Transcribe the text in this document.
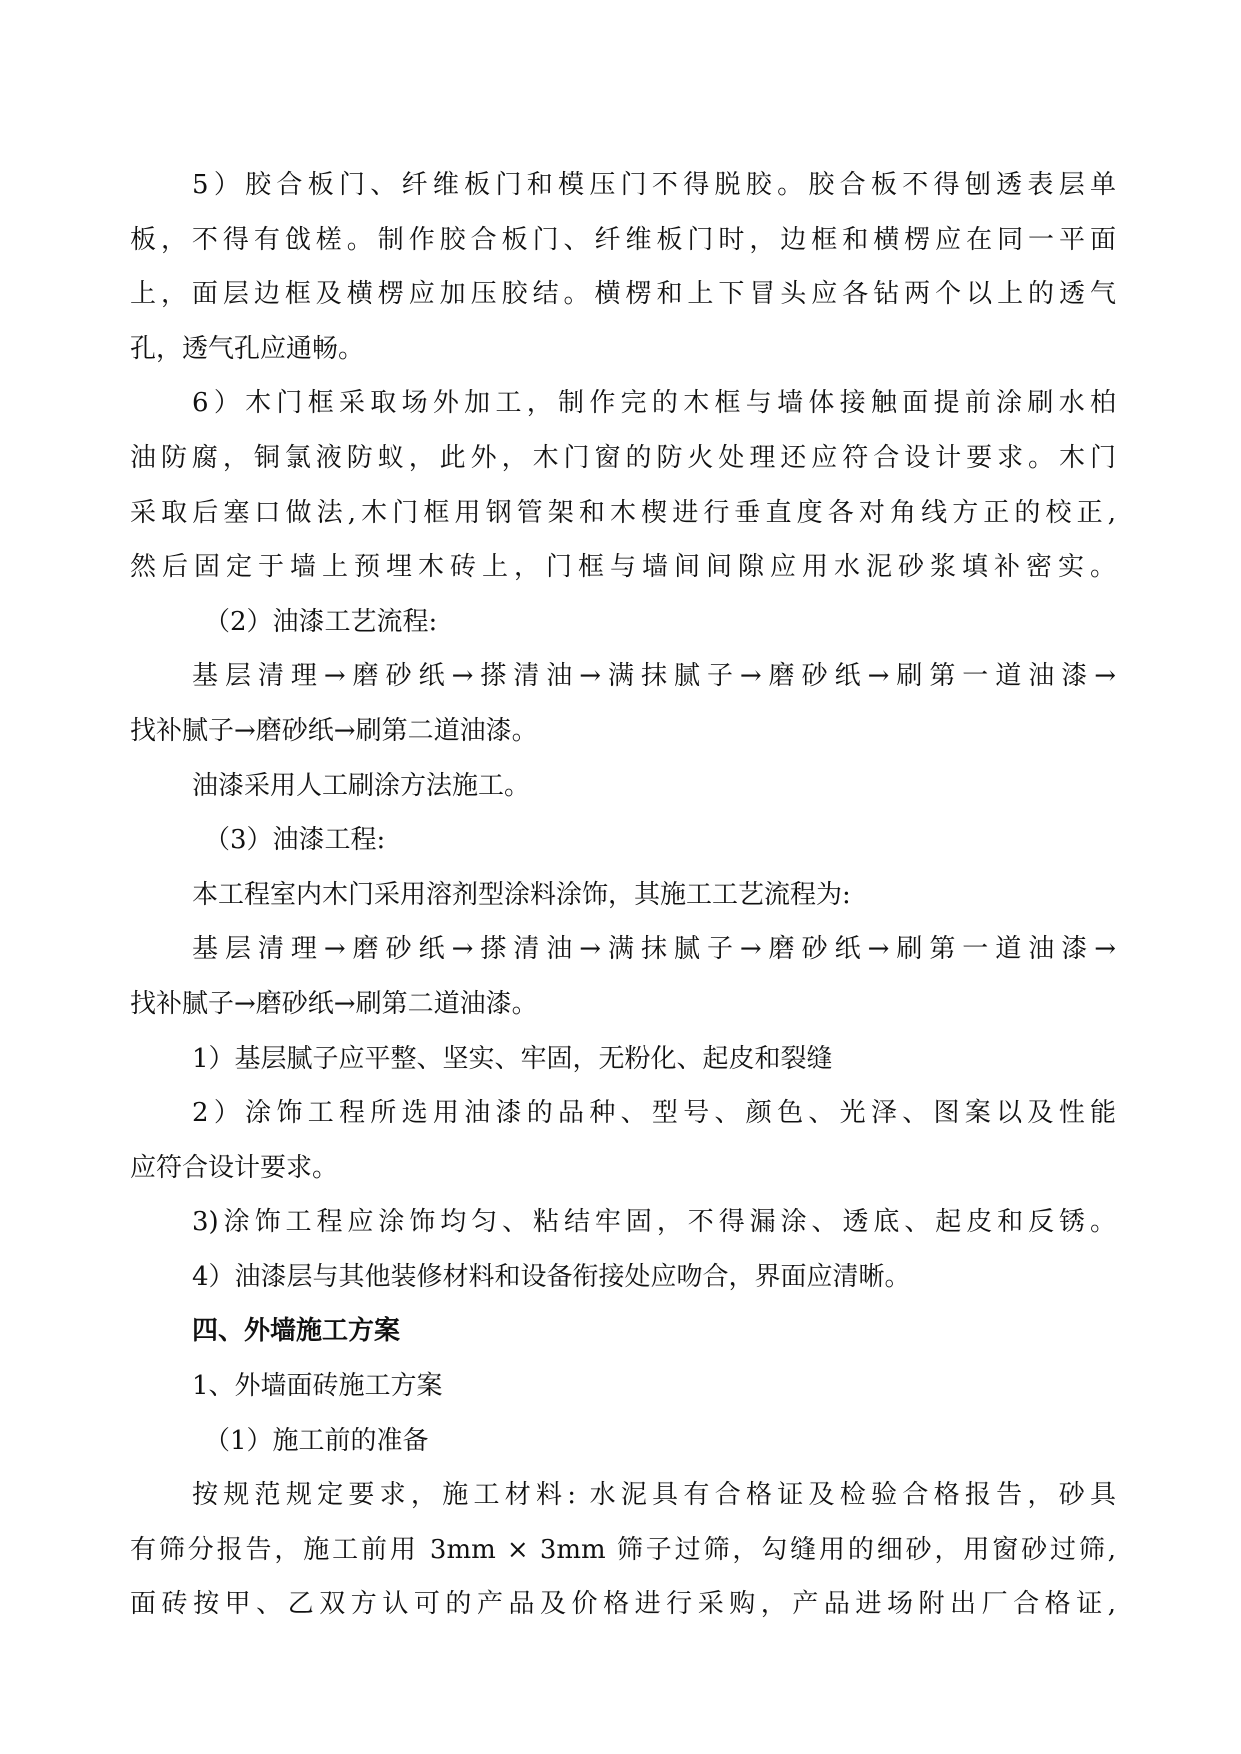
5）胶合板门、纤维板门和模压门不得脱胶。胶合板不得刨透表层单
板，不得有戗槎。制作胶合板门、纤维板门时，边框和横楞应在同一平面
上，面层边框及横楞应加压胶结。横楞和上下冒头应各钻两个以上的透气
孔，透气孔应通畅。
6）木门框采取场外加工，制作完的木框与墙体接触面提前涂刷水柏
油防腐，铜氯液防蚁，此外，木门窗的防火处理还应符合设计要求。木门
采取后塞口做法,木门框用钢管架和木楔进行垂直度各对角线方正的校正,
然后固定于墙上预埋木砖上，门框与墙间间隙应用水泥砂浆填补密实。
（2）油漆工艺流程:
基层清理→磨砂纸→搽清油→满抹腻子→磨砂纸→刷第一道油漆→
找补腻子→磨砂纸→刷第二道油漆。
油漆采用人工刷涂方法施工。
（3）油漆工程:
本工程室内木门采用溶剂型涂料涂饰，其施工工艺流程为:
基层清理→磨砂纸→搽清油→满抹腻子→磨砂纸→刷第一道油漆→
找补腻子→磨砂纸→刷第二道油漆。
1）基层腻子应平整、坚实、牢固，无粉化、起皮和裂缝
2）涂饰工程所选用油漆的品种、型号、颜色、光泽、图案以及性能
应符合设计要求。
3)涂饰工程应涂饰均匀、粘结牢固，不得漏涂、透底、起皮和反锈。
4）油漆层与其他装修材料和设备衔接处应吻合，界面应清晰。
四、外墙施工方案
1、外墙面砖施工方案
（1）施工前的准备
按规范规定要求，施工材料: 水泥具有合格证及检验合格报告，砂具
有筛分报告，施工前用 3mm × 3mm 筛子过筛，勾缝用的细砂，用窗砂过筛,
面砖按甲、乙双方认可的产品及价格进行采购，产品进场附出厂合格证,
